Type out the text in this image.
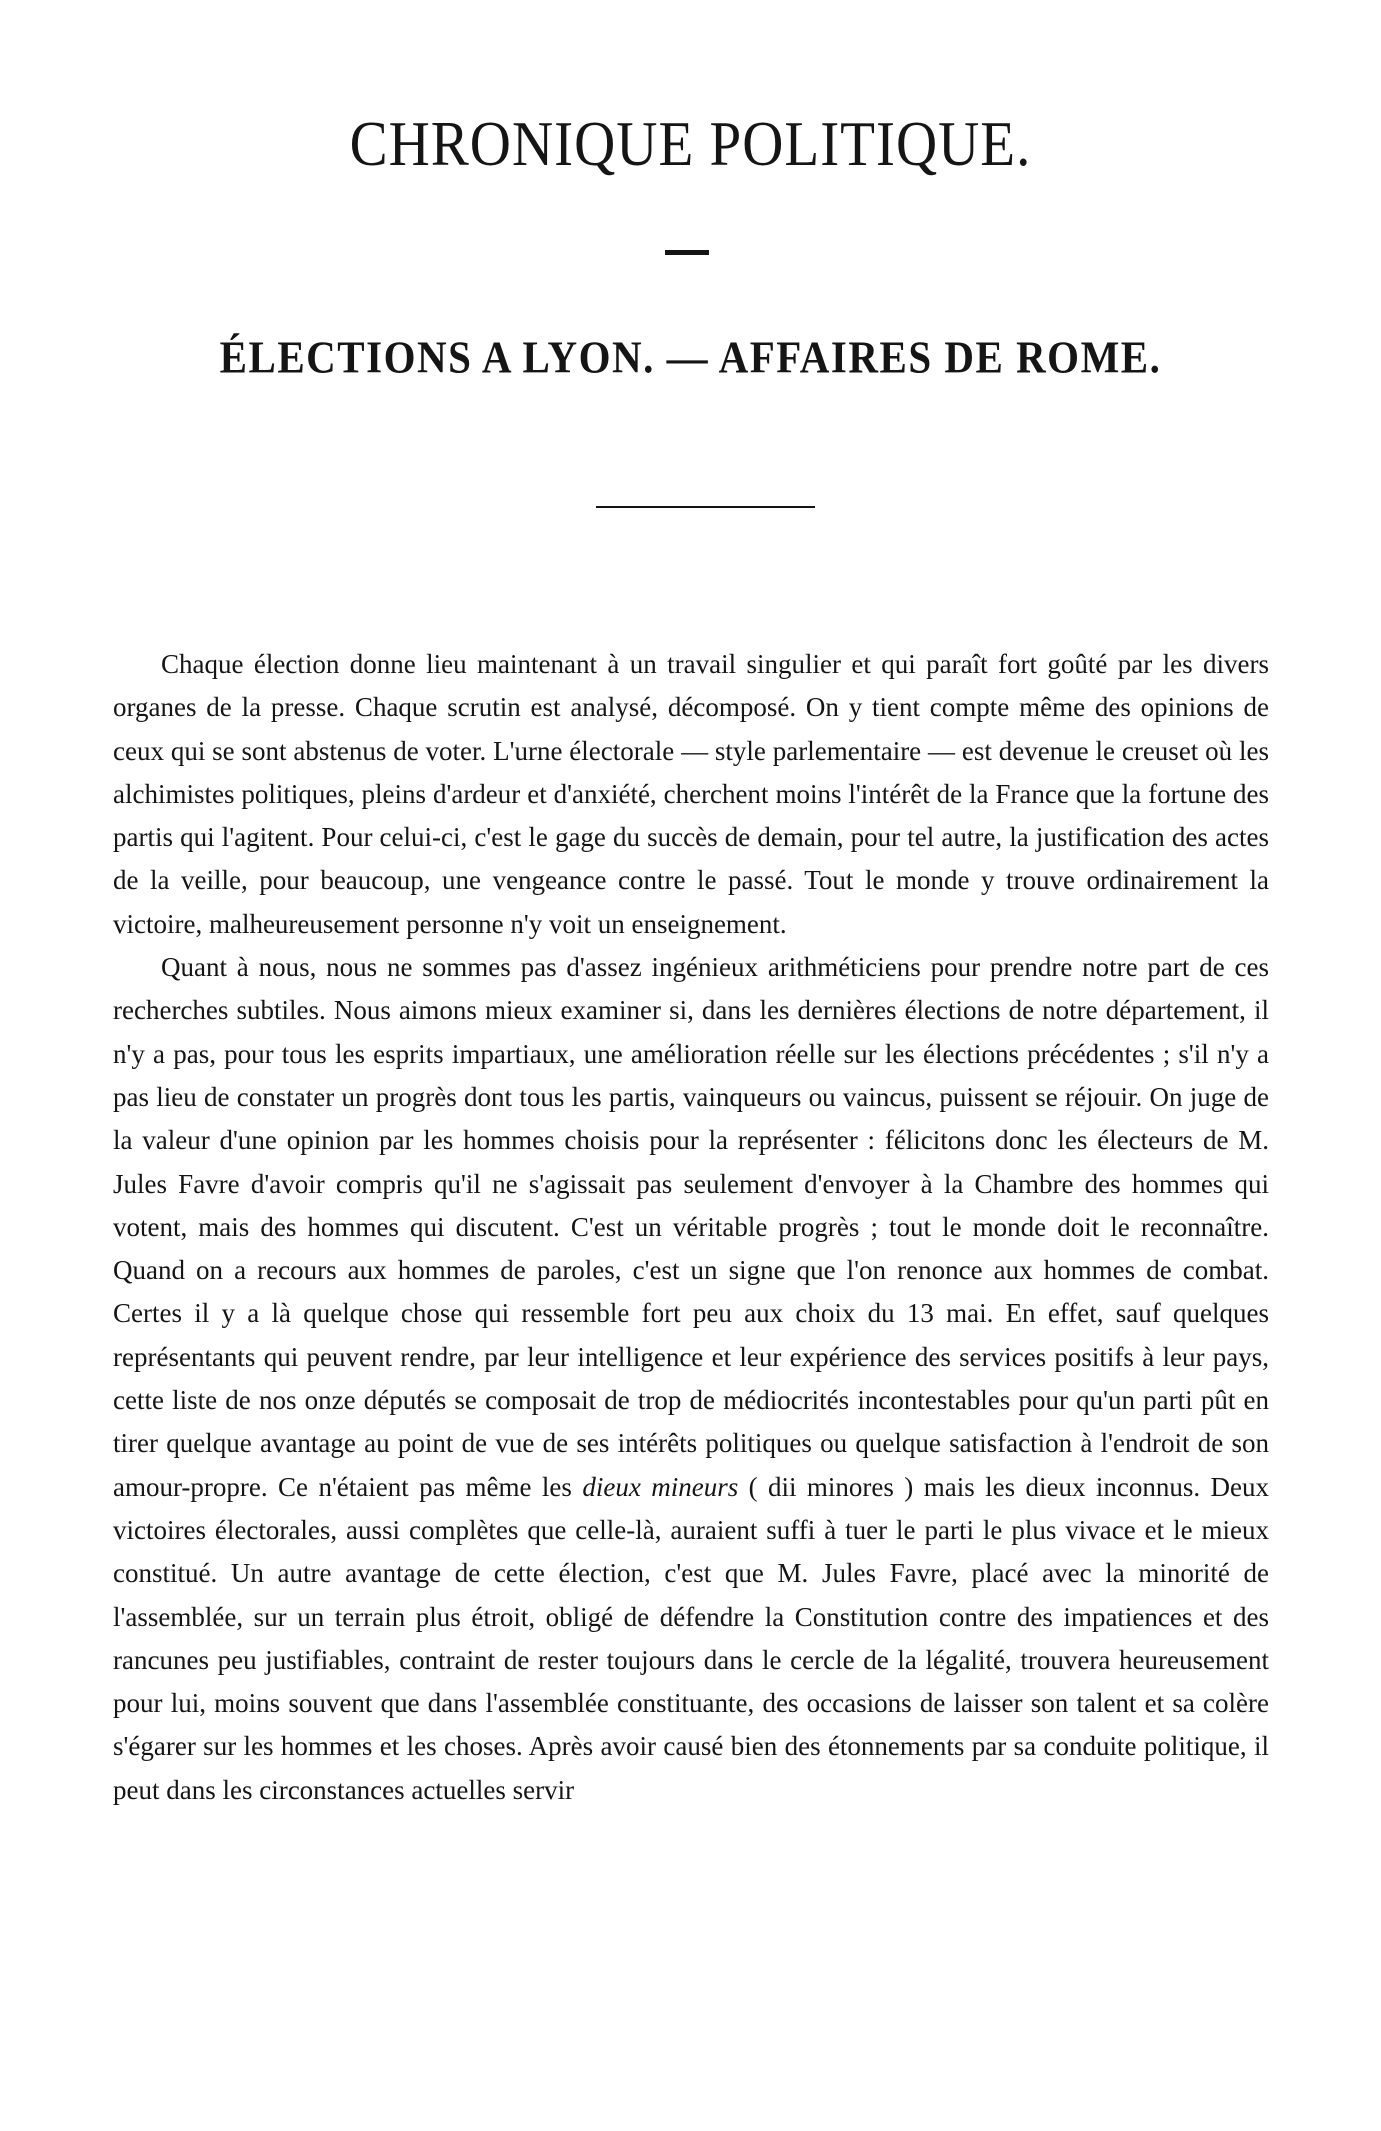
CHRONIQUE POLITIQUE.
ÉLECTIONS A LYON. — AFFAIRES DE ROME.

Chaque élection donne lieu maintenant à un travail singulier et qui paraît fort goûté par les divers organes de la presse. Chaque scrutin est analysé, décomposé. On y tient compte même des opinions de ceux qui se sont abstenus de voter. L'urne électorale — style parlementaire — est devenue le creuset où les alchimistes politiques, pleins d'ardeur et d'anxiété, cherchent moins l'intérêt de la France que la fortune des partis qui l'agitent. Pour celui-ci, c'est le gage du succès de demain, pour tel autre, la justification des actes de la veille, pour beaucoup, une vengeance contre le passé. Tout le monde y trouve ordinairement la victoire, malheureusement personne n'y voit un enseignement.

Quant à nous, nous ne sommes pas d'assez ingénieux arithméticiens pour prendre notre part de ces recherches subtiles. Nous aimons mieux examiner si, dans les dernières élections de notre département, il n'y a pas, pour tous les esprits impartiaux, une amélioration réelle sur les élections précédentes ; s'il n'y a pas lieu de constater un progrès dont tous les partis, vainqueurs ou vaincus, puissent se réjouir. On juge de la valeur d'une opinion par les hommes choisis pour la représenter : félicitons donc les électeurs de M. Jules Favre d'avoir compris qu'il ne s'agissait pas seulement d'envoyer à la Chambre des hommes qui votent, mais des hommes qui discutent. C'est un véritable progrès ; tout le monde doit le reconnaître. Quand on a recours aux hommes de paroles, c'est un signe que l'on renonce aux hommes de combat. Certes il y a là quelque chose qui ressemble fort peu aux choix du 13 mai. En effet, sauf quelques représentants qui peuvent rendre, par leur intelligence et leur expérience des services positifs à leur pays, cette liste de nos onze députés se composait de trop de médiocrités incontestables pour qu'un parti pût en tirer quelque avantage au point de vue de ses intérêts politiques ou quelque satisfaction à l'endroit de son amour-propre. Ce n'étaient pas même les dieux mineurs ( dii minores ) mais les dieux inconnus. Deux victoires électorales, aussi complètes que celle-là, auraient suffi à tuer le parti le plus vivace et le mieux constitué. Un autre avantage de cette élection, c'est que M. Jules Favre, placé avec la minorité de l'assemblée, sur un terrain plus étroit, obligé de défendre la Constitution contre des impatiences et des rancunes peu justifiables, contraint de rester toujours dans le cercle de la légalité, trouvera heureusement pour lui, moins souvent que dans l'assemblée constituante, des occasions de laisser son talent et sa colère s'égarer sur les hommes et les choses. Après avoir causé bien des étonnements par sa conduite politique, il peut dans les circonstances actuelles servir
